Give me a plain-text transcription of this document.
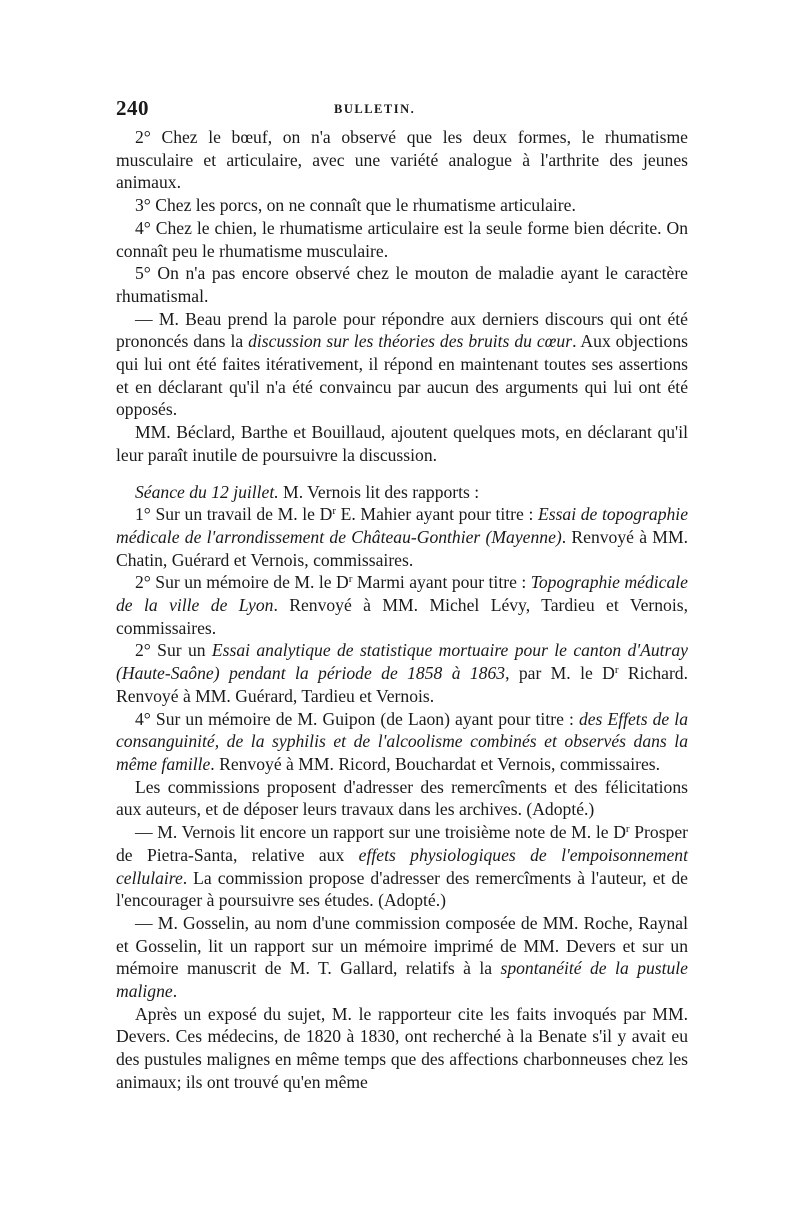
240	BULLETIN.

2° Chez le bœuf, on n'a observé que les deux formes, le rhumatisme musculaire et articulaire, avec une variété analogue à l'arthrite des jeunes animaux.

3° Chez les porcs, on ne connaît que le rhumatisme articulaire.

4° Chez le chien, le rhumatisme articulaire est la seule forme bien décrite. On connaît peu le rhumatisme musculaire.

5° On n'a pas encore observé chez le mouton de maladie ayant le caractère rhumatismal.

— M. Beau prend la parole pour répondre aux derniers discours qui ont été prononcés dans la discussion sur les théories des bruits du cœur. Aux objections qui lui ont été faites itérativement, il répond en maintenant toutes ses assertions et en déclarant qu'il n'a été convaincu par aucun des arguments qui lui ont été opposés.

MM. Béclard, Barthe et Bouillaud, ajoutent quelques mots, en déclarant qu'il leur paraît inutile de poursuivre la discussion.

Séance du 12 juillet. M. Vernois lit des rapports :

1° Sur un travail de M. le $D^r$ E. Mahier ayant pour titre : Essai de topographie médicale de l'arrondissement de Château-Gonthier (Mayenne). Renvoyé à MM. Chatin, Guérard et Vernois, commissaires.

2° Sur un mémoire de M. le $D^r$ Marmi ayant pour titre : Topographie médicale de la ville de Lyon. Renvoyé à MM. Michel Lévy, Tardieu et Vernois, commissaires.

2° Sur un Essai analytique de statistique mortuaire pour le canton d'Autray (Haute-Saône) pendant la période de 1858 à 1863, par M. le $D^r$ Richard. Renvoyé à MM. Guérard, Tardieu et Vernois.

4° Sur un mémoire de M. Guipon (de Laon) ayant pour titre : des Effets de la consanguinité, de la syphilis et de l'alcoolisme combinés et observés dans la même famille. Renvoyé à MM. Ricord, Bouchardat et Vernois, commissaires.

Les commissions proposent d'adresser des remercîments et des félicitations aux auteurs, et de déposer leurs travaux dans les archives. (Adopté.)

— M. Vernois lit encore un rapport sur une troisième note de M. le $D^r$ Prosper de Pietra-Santa, relative aux effets physiologiques de l'empoisonnement cellulaire. La commission propose d'adresser des remercîments à l'auteur, et de l'encourager à poursuivre ses études. (Adopté.)

— M. Gosselin, au nom d'une commission composée de MM. Roche, Raynal et Gosselin, lit un rapport sur un mémoire imprimé de MM. Devers et sur un mémoire manuscrit de M. T. Gallard, relatifs à la spontanéité de la pustule maligne.

Après un exposé du sujet, M. le rapporteur cite les faits invoqués par MM. Devers. Ces médecins, de 1820 à 1830, ont recherché à la Benate s'il y avait eu des pustules malignes en même temps que des affections charbonneuses chez les animaux; ils ont trouvé qu'en même
